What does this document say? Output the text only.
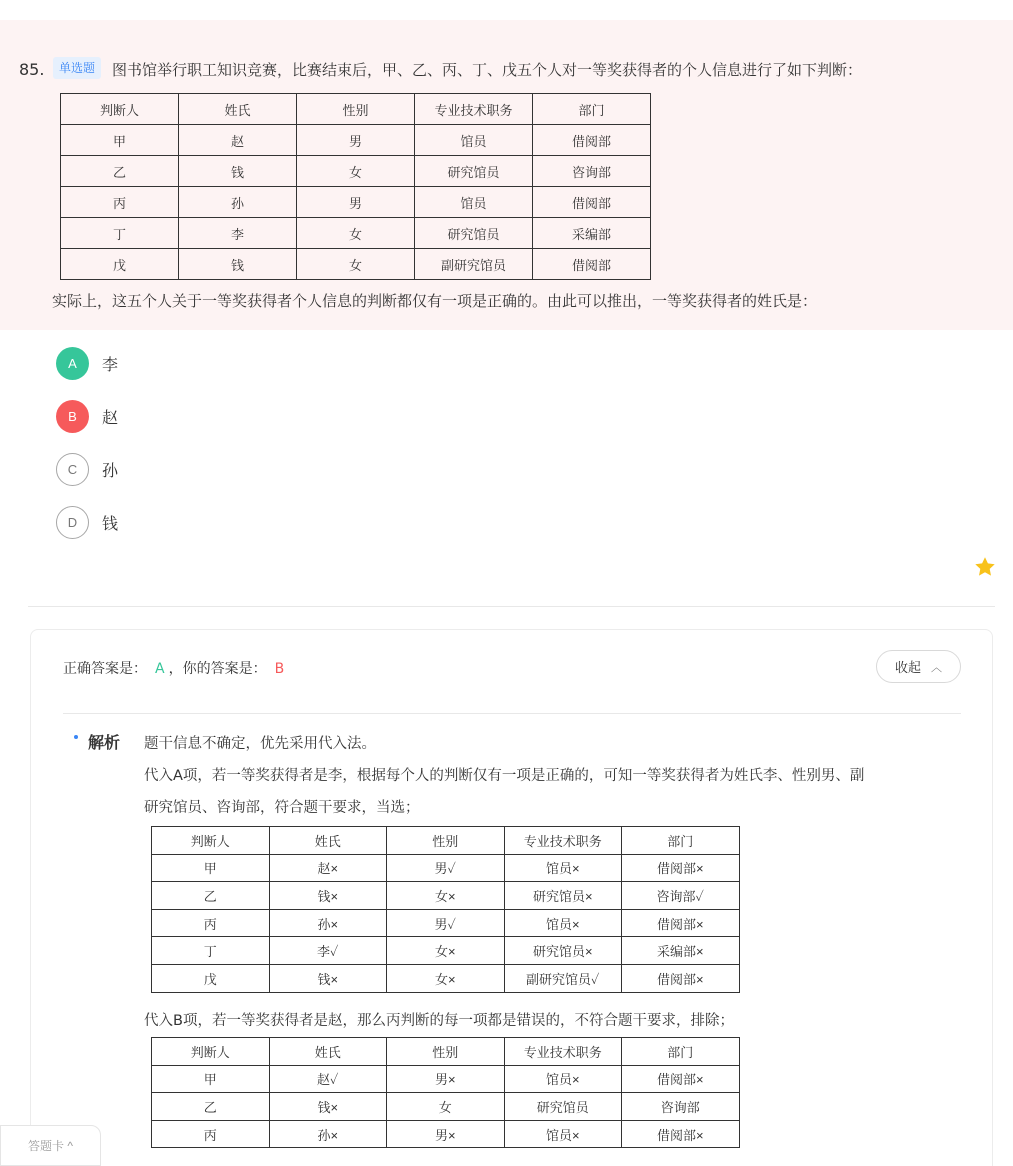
85.	单选题	图书馆举行职工知识竞赛，比赛结束后，甲、乙、丙、丁、戊五个人对一等奖获得者的个人信息进行了如下判断：
判断人	姓氏	性别	专业技术职务	部门
甲	赵	男	馆员	借阅部
乙	钱	女	研究馆员	咨询部
丙	孙	男	馆员	借阅部
丁	李	女	研究馆员	采编部
戊	钱	女	副研究馆员	借阅部
实际上，这五个人关于一等奖获得者个人信息的判断都仅有一项是正确的。由此可以推出，一等奖获得者的姓氏是：
A	李
B	赵
C	孙
D	钱
正确答案是： A ，你的答案是： B	收起 ︿
解析 题干信息不确定，优先采用代入法。
代入A项，若一等奖获得者是李，根据每个人的判断仅有一项是正确的，可知一等奖获得者为姓氏李、性别男、副
研究馆员、咨询部，符合题干要求，当选；
判断人	姓氏	性别	专业技术职务	部门
甲	赵×	男✓	馆员×	借阅部×
乙	钱×	女×	研究馆员×	咨询部✓
丙	孙×	男✓	馆员×	借阅部×
丁	李✓	女×	研究馆员×	采编部×
戊	钱×	女×	副研究馆员✓	借阅部×
代入B项，若一等奖获得者是赵，那么丙判断的每一项都是错误的，不符合题干要求，排除；
判断人	姓氏	性别	专业技术职务	部门
甲	赵✓	男×	馆员×	借阅部×
乙	钱×	女	研究馆员	咨询部
丙	孙×	男×	馆员×	借阅部×
答题卡 ^
